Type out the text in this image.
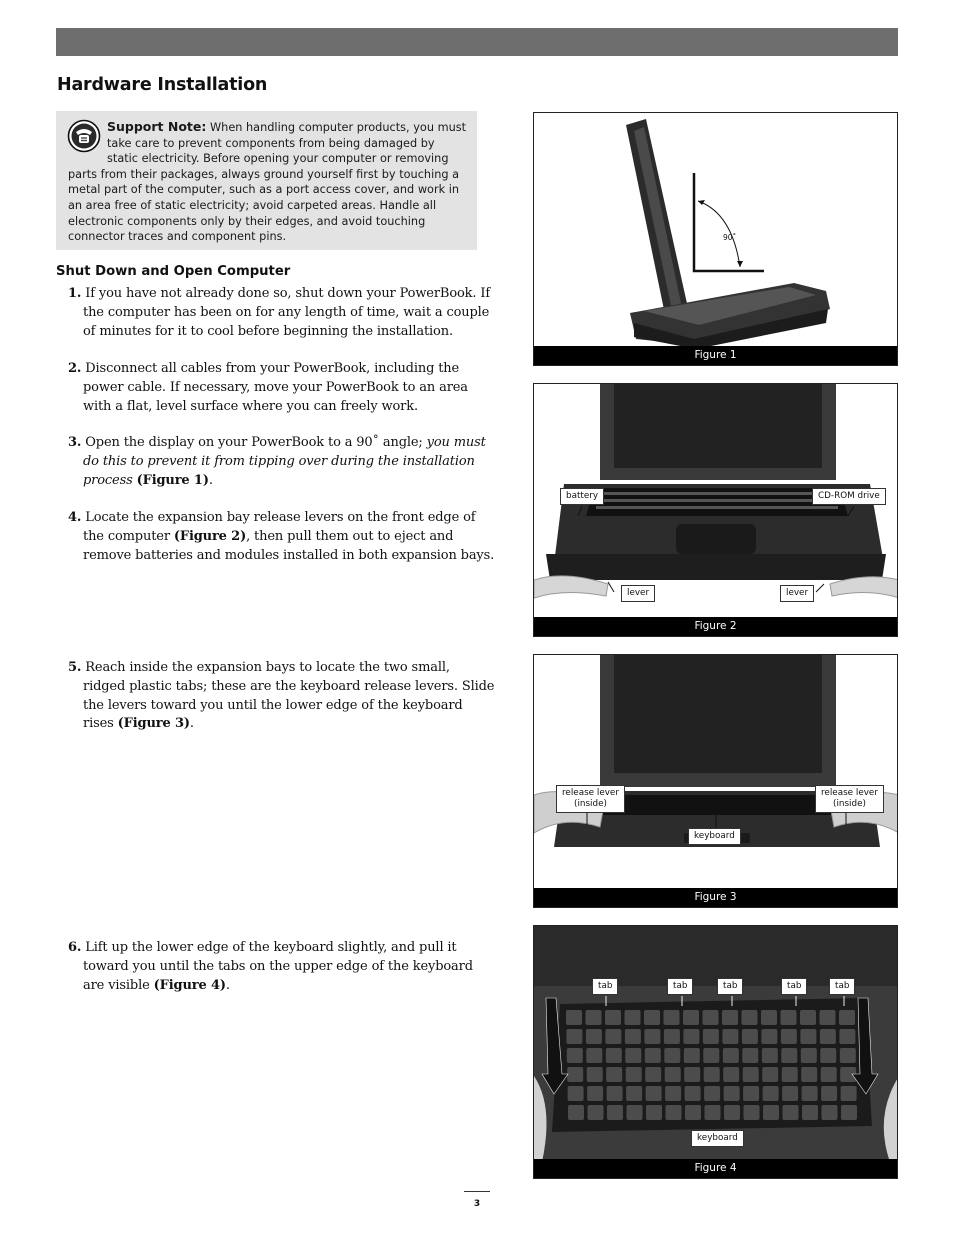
Hardware Installation
Support Note: When handling computer products, you must take care to prevent components from being damaged by static electricity. Before opening your computer or removing parts from their packages, always ground yourself first by touching a metal part of the computer, such as a port access cover, and work in an area free of static electricity; avoid carpeted areas. Handle all electronic components only by their edges, and avoid touching connector traces and component pins.
Shut Down and Open Computer
1. If you have not already done so, shut down your PowerBook. If the computer has been on for any length of time, wait a couple of minutes for it to cool before beginning the installation.
2. Disconnect all cables from your PowerBook, including the power cable. If necessary, move your PowerBook to an area with a flat, level surface where you can freely work.
3. Open the display on your PowerBook to a 90˚ angle; you must do this to prevent it from tipping over during the installation process (Figure 1).
4. Locate the expansion bay release levers on the front edge of the computer (Figure 2), then pull them out to eject and remove batteries and modules installed in both expansion bays.
5. Reach inside the expansion bays to locate the two small, ridged plastic tabs; these are the keyboard release levers. Slide the levers toward you until the lower edge of the keyboard rises (Figure 3).
6. Lift up the lower edge of the keyboard slightly, and pull it toward you until the tabs on the upper edge of the keyboard are visible (Figure 4).
90˚
Figure 1
battery	CD-ROM drive
lever	lever
Figure 2
release lever
(inside)
release lever
(inside)
keyboard
Figure 3
tab	tab	tab	tab	tab
keyboard
Figure 4
3
